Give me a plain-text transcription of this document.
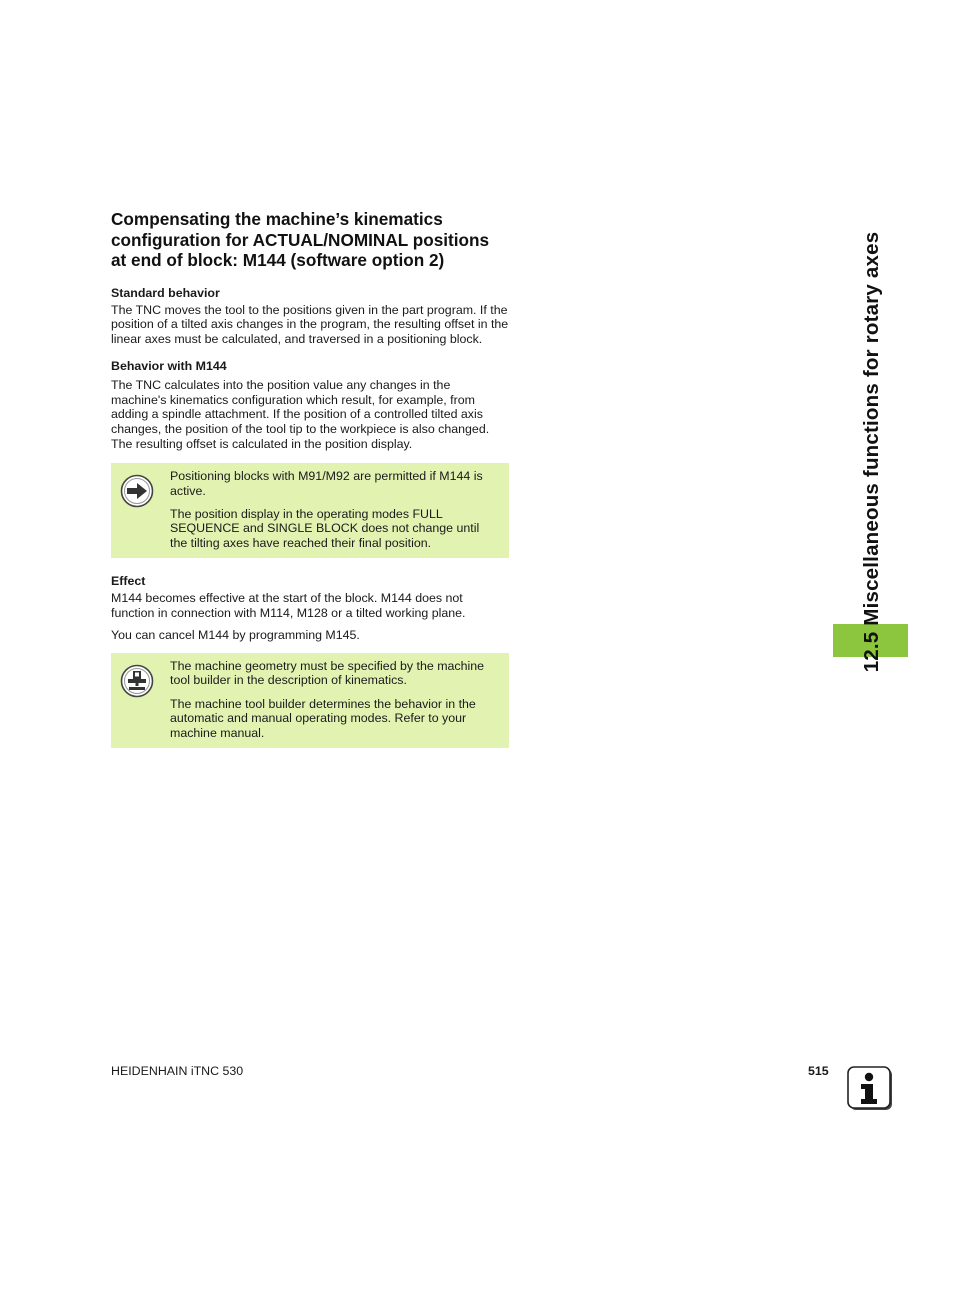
Compensating the machine’s kinematics
configuration for ACTUAL/NOMINAL positions
at end of block: M144 (software option 2)
Standard behavior

The TNC moves the tool to the positions given in the part program. If the position of a tilted axis changes in the program, the resulting offset in the linear axes must be calculated, and traversed in a positioning block.

Behavior with M144

The TNC calculates into the position value any changes in the machine's kinematics configuration which result, for example, from adding a spindle attachment. If the position of a controlled tilted axis changes, the position of the tool tip to the workpiece is also changed. The resulting offset is calculated in the position display.

Positioning blocks with M91/M92 are permitted if M144 is active.

The position display in the operating modes FULL SEQUENCE and SINGLE BLOCK does not change until the tilting axes have reached their final position.

Effect

M144 becomes effective at the start of the block. M144 does not function in connection with M114, M128 or a tilted working plane.

You can cancel M144 by programming M145.

The machine geometry must be specified by the machine tool builder in the description of kinematics.

The machine tool builder determines the behavior in the automatic and manual operating modes. Refer to your machine manual.

12.5 Miscellaneous functions for rotary axes
HEIDENHAIN iTNC 530	515
